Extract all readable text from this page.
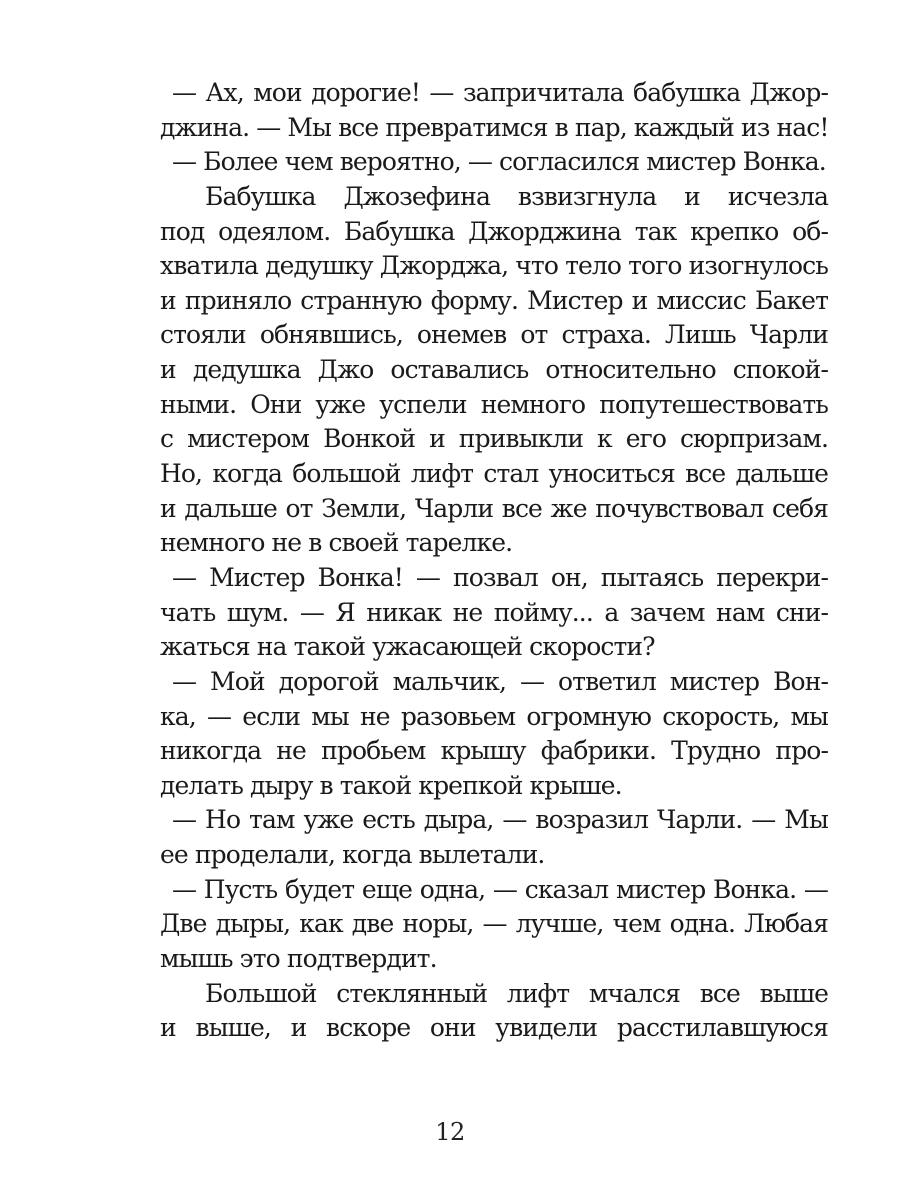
— Ах, мои дорогие! — запричитала бабушка Джор-
джина. — Мы все превратимся в пар, каждый из нас!
— Более чем вероятно, — согласился мистер Вонка.
Бабушка Джозефина взвизгнула и исчезла
под одеялом. Бабушка Джорджина так крепко об-
хватила дедушку Джорджа, что тело того изогнулось
и приняло странную форму. Мистер и миссис Бакет
стояли обнявшись, онемев от страха. Лишь Чарли
и дедушка Джо оставались относительно спокой-
ными. Они уже успели немного попутешествовать
с мистером Вонкой и привыкли к его сюрпризам.
Но, когда большой лифт стал уноситься все дальше
и дальше от Земли, Чарли все же почувствовал себя
немного не в своей тарелке.
— Мистер Вонка! — позвал он, пытаясь перекри-
чать шум. — Я никак не пойму... а зачем нам сни-
жаться на такой ужасающей скорости?
— Мой дорогой мальчик, — ответил мистер Вон-
ка, — если мы не разовьем огромную скорость, мы
никогда не пробьем крышу фабрики. Трудно про-
делать дыру в такой крепкой крыше.
— Но там уже есть дыра, — возразил Чарли. — Мы
ее проделали, когда вылетали.
— Пусть будет еще одна, — сказал мистер Вонка. —
Две дыры, как две норы, — лучше, чем одна. Любая
мышь это подтвердит.
Большой стеклянный лифт мчался все выше
и выше, и вскоре они увидели расстилавшуюся
12
